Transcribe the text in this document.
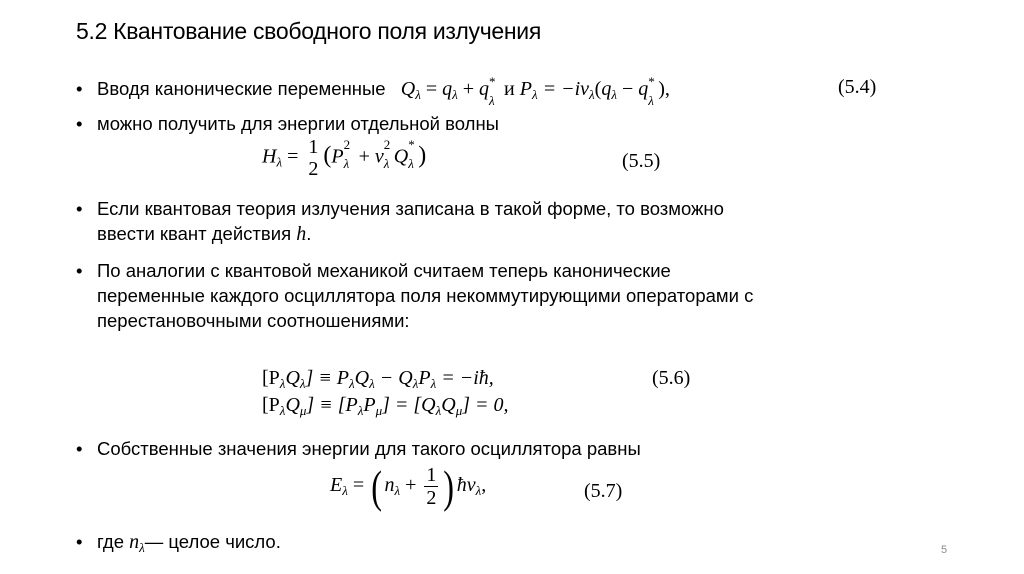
5.2 Квантование свободного поля излучения
• Вводя канонические переменные $Q_\lambda = q_\lambda + q$ *
λ
и $P_\lambda = -i\nu_\lambda(q_\lambda - q$ *
λ
),	(5.4)
• можно получить для энергии отдельной волны
$H_\lambda = 1$
2
(P
2
λ + ν
2
λ Q
*
λ )	(5.5)
• Если квантовая теория излучения записана в такой форме, то возможно
ввести квант действия h.
• По аналогии с квантовой механикой считаем теперь канонические
переменные каждого осциллятора поля некоммутирующими операторами с
перестановочными соотношениями:
$[P_\lambda Q_\lambda] \equiv P_\lambda Q_\lambda - Q_\lambda P_\lambda$ = −iħ,	(5.6)
$[P_\lambda Q_\mu] \equiv [P_\lambda P_\mu] = [Q_\lambda Q_\mu] = 0$,
• Собственные значения энергии для такого осциллятора равны
$E_\lambda$ = ( $n_\lambda + \frac{1}{2}$ ) $ħ\nu_\lambda$,	(5.7)
• где $n_\lambda—$ целое число.	5
